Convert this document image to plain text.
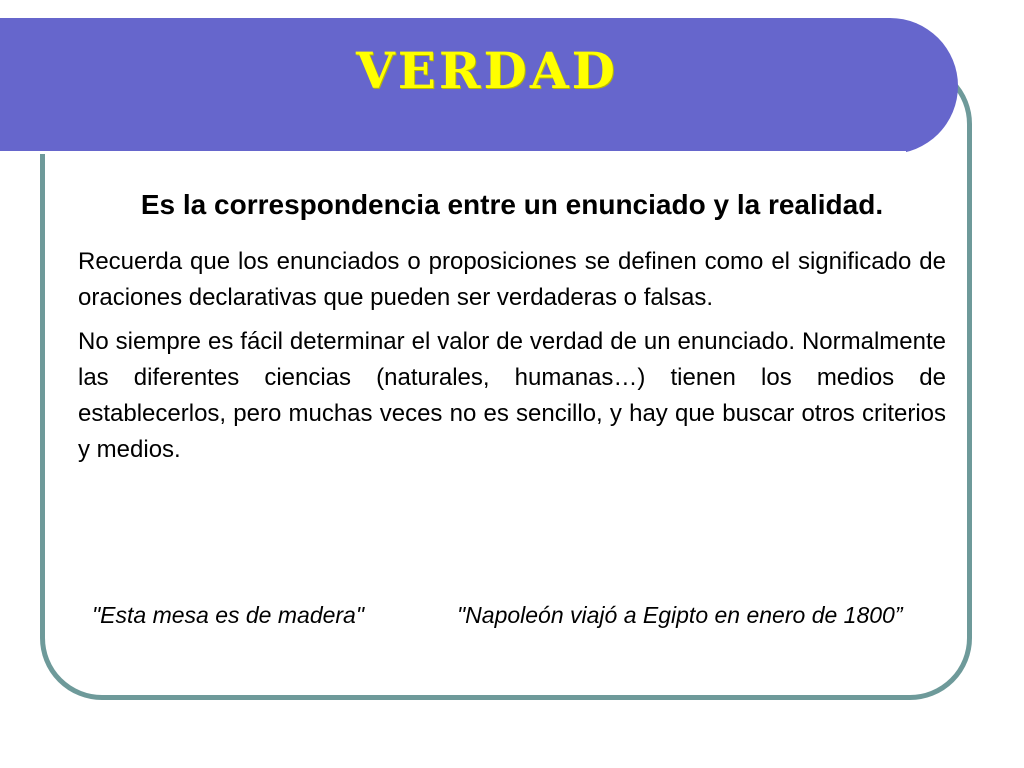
VERDAD

Es la correspondencia entre un enunciado y la realidad.

Recuerda que los enunciados o proposiciones se definen como el significado de oraciones declarativas que pueden ser verdaderas o falsas.

No siempre es fácil determinar el valor de verdad de un enunciado. Normalmente las diferentes ciencias (naturales, humanas…) tienen los medios de establecerlos, pero muchas veces no es sencillo, y hay que buscar otros criterios y medios.

"Esta mesa es de madera"	"Napoleón viajó a Egipto en enero de 1800”
